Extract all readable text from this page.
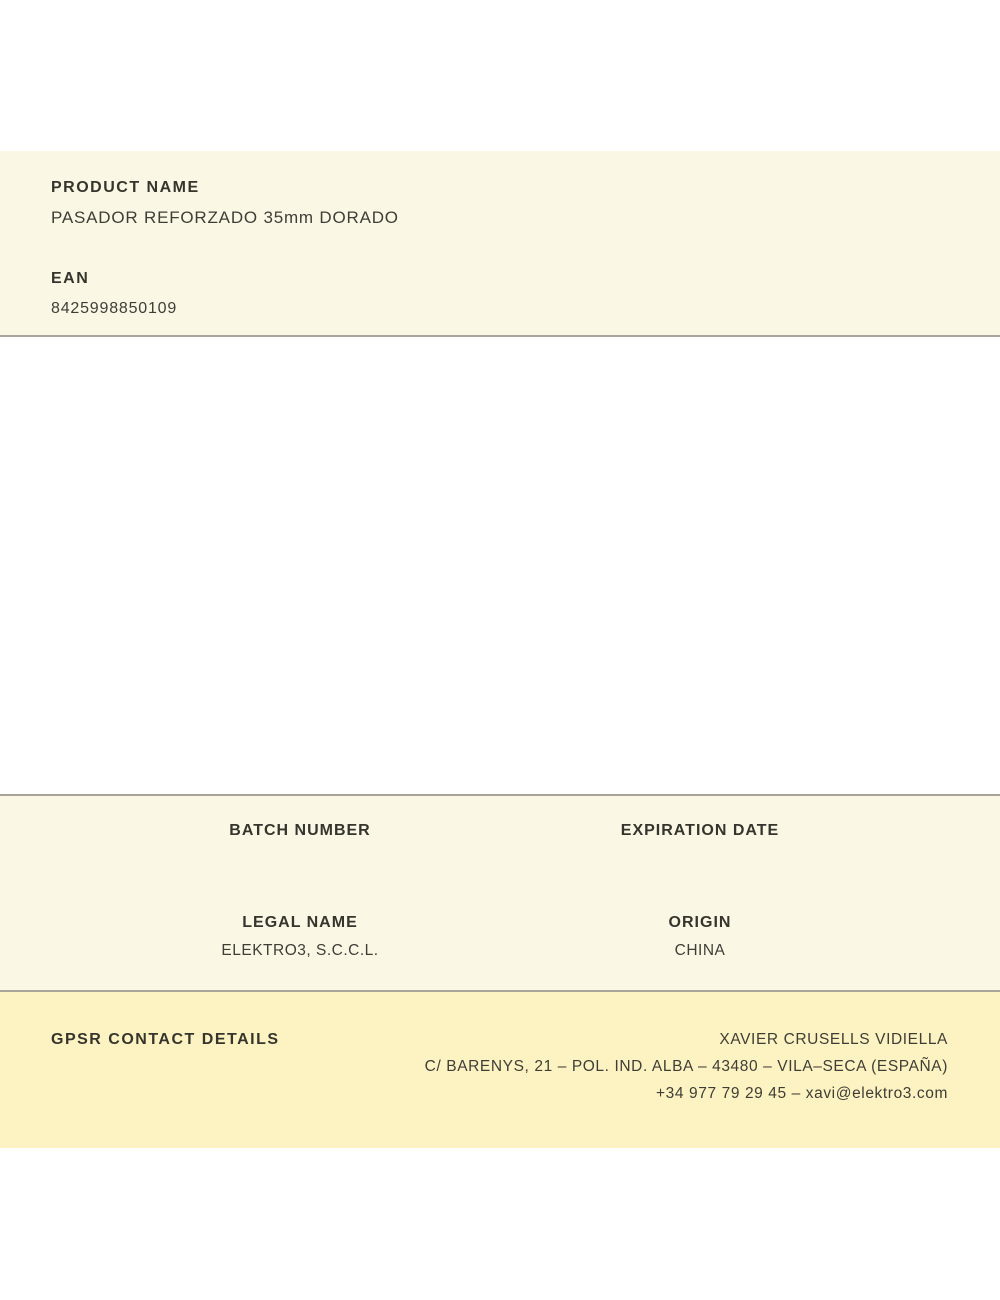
PRODUCT NAME
PASADOR REFORZADO 35mm DORADO
EAN
8425998850109
BATCH NUMBER	EXPIRATION DATE
LEGAL NAME
ELEKTRO3, S.C.C.L.
ORIGIN
CHINA
GPSR CONTACT DETAILS	XAVIER CRUSELLS VIDIELLA
C/ BARENYS, 21 – POL. IND. ALBA – 43480 – VILA–SECA (ESPAÑA)
+34 977 79 29 45 – xavi@elektro3.com
